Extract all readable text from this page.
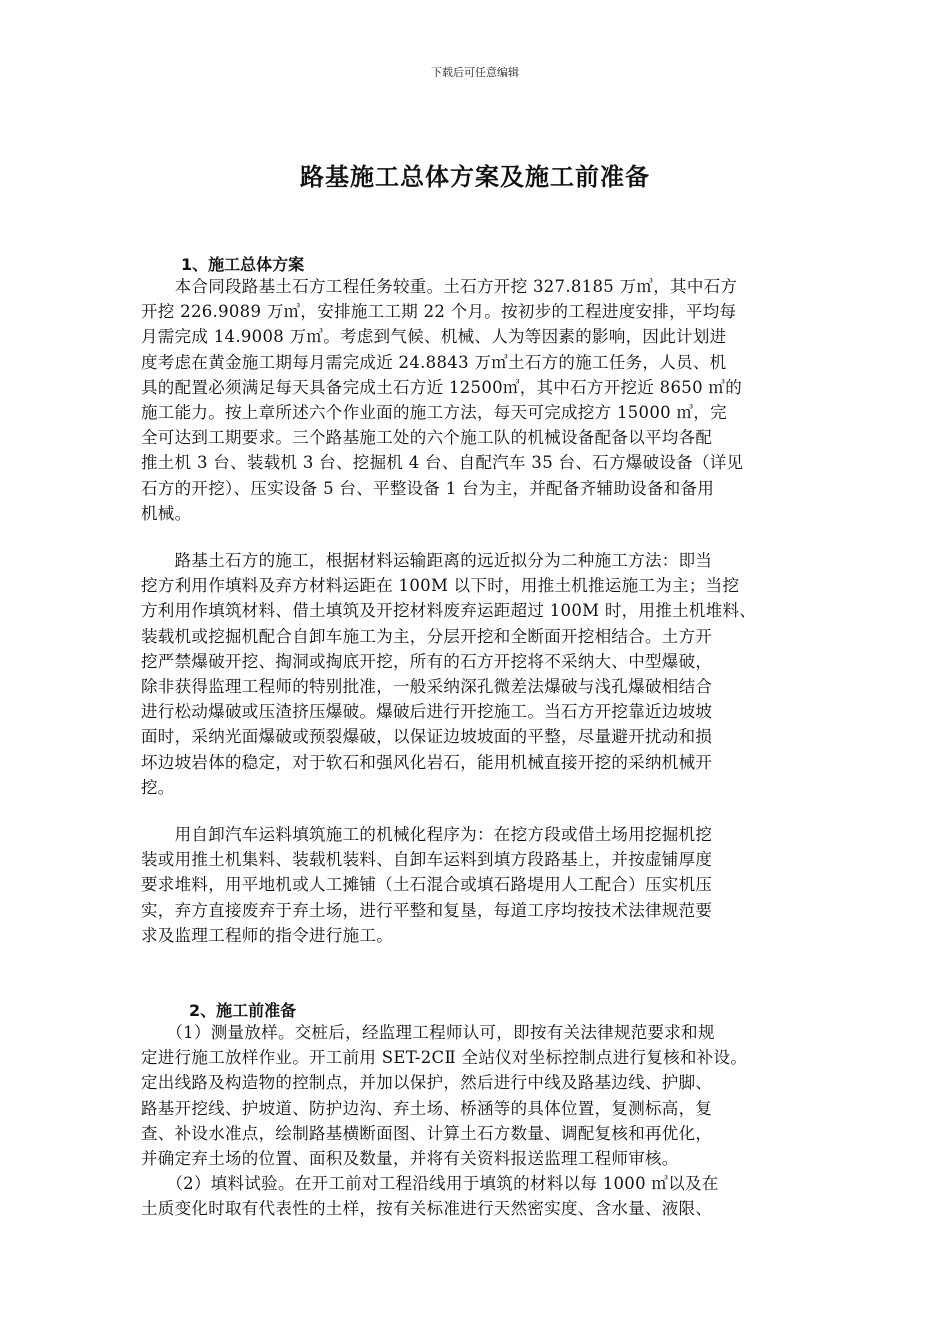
下载后可任意编辑
路基施工总体方案及施工前准备
1、施工总体方案
　　本合同段路基土石方工程任务较重。土石方开挖 327.8185 万㎥，其中石方
开挖 226.9089 万㎥，安排施工工期 22 个月。按初步的工程进度安排，平均每
月需完成 14.9008 万㎥。考虑到气候、机械、人为等因素的影响，因此计划进
度考虑在黄金施工期每月需完成近 24.8843 万㎥土石方的施工任务，人员、机
具的配置必须满足每天具备完成土石方近 12500㎥，其中石方开挖近 8650 ㎥的
施工能力。按上章所述六个作业面的施工方法，每天可完成挖方 15000 ㎥，完
全可达到工期要求。三个路基施工处的六个施工队的机械设备配备以平均各配
推土机 3 台、装载机 3 台、挖掘机 4 台、自配汽车 35 台、石方爆破设备（详见
石方的开挖）、压实设备 5 台、平整设备 1 台为主，并配备齐辅助设备和备用
机械。
　　路基土石方的施工，根据材料运输距离的远近拟分为二种施工方法：即当
挖方利用作填料及弃方材料运距在 100M 以下时，用推土机推运施工为主；当挖
方利用作填筑材料、借土填筑及开挖材料废弃运距超过 100M 时，用推土机堆料、
装载机或挖掘机配合自卸车施工为主，分层开挖和全断面开挖相结合。土方开
挖严禁爆破开挖、掏洞或掏底开挖，所有的石方开挖将不采纳大、中型爆破，
除非获得监理工程师的特别批准，一般采纳深孔微差法爆破与浅孔爆破相结合
进行松动爆破或压渣挤压爆破。爆破后进行开挖施工。当石方开挖靠近边坡坡
面时，采纳光面爆破或预裂爆破，以保证边坡坡面的平整，尽量避开扰动和损
坏边坡岩体的稳定，对于软石和强风化岩石，能用机械直接开挖的采纳机械开
挖。
　　用自卸汽车运料填筑施工的机械化程序为：在挖方段或借土场用挖掘机挖
装或用推土机集料、装载机装料、自卸车运料到填方段路基上，并按虚铺厚度
要求堆料，用平地机或人工摊铺（土石混合或填石路堤用人工配合）压实机压
实，弃方直接废弃于弃土场，进行平整和复垦，每道工序均按技术法律规范要
求及监理工程师的指令进行施工。
2、施工前准备
　　（1）测量放样。交桩后，经监理工程师认可，即按有关法律规范要求和规
定进行施工放样作业。开工前用 SET-2CⅡ 全站仪对坐标控制点进行复核和补设。
定出线路及构造物的控制点，并加以保护，然后进行中线及路基边线、护脚、
路基开挖线、护坡道、防护边沟、弃土场、桥涵等的具体位置，复测标高，复
查、补设水准点，绘制路基横断面图、计算土石方数量、调配复核和再优化，
并确定弃土场的位置、面积及数量，并将有关资料报送监理工程师审核。
　　（2）填料试验。在开工前对工程沿线用于填筑的材料以每 1000 ㎥以及在
土质变化时取有代表性的土样，按有关标准进行天然密实度、含水量、液限、
